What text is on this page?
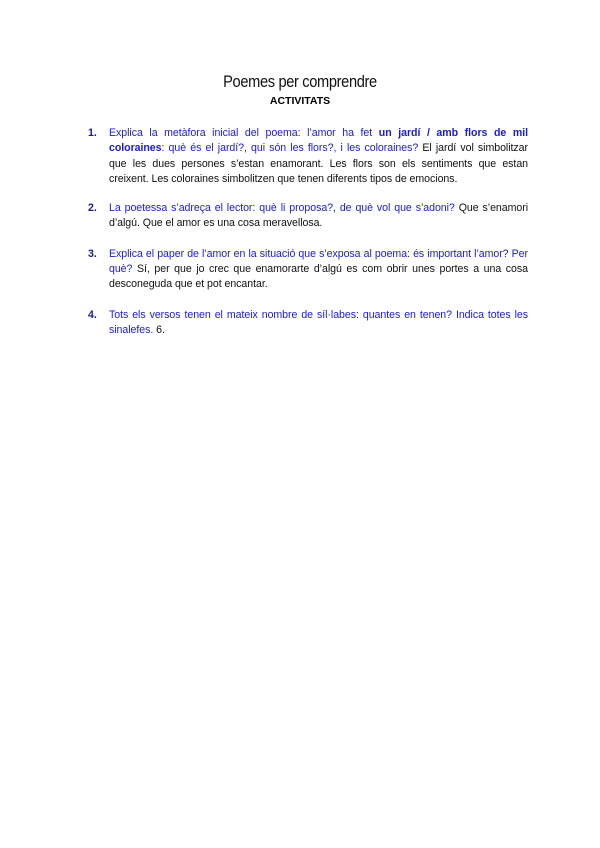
Poemes per comprendre
ACTIVITATS
1. Explica la metàfora inicial del poema: l’amor ha fet un jardí / amb flors de mil coloraines: què és el jardí?, qui són les flors?, i les coloraines? El jardí vol simbolitzar que les dues persones s’estan enamorant. Les flors son els sentiments que estan creixent. Les coloraines simbolitzen que tenen diferents tipos de emocions.
2. La poetessa s’adreça el lector: què li proposa?, de què vol que s’adoni? Que s’enamori d’algú. Que el amor es una cosa meravellosa.
3. Explica el paper de l’amor en la situació que s’exposa al poema: és important l’amor? Per què? Sí, per que jo crec que enamorarte d’algú es com obrir unes portes a una cosa desconeguda que et pot encantar.
4. Tots els versos tenen el mateix nombre de síl·labes: quantes en tenen? Indica totes les sinalefes. 6.
